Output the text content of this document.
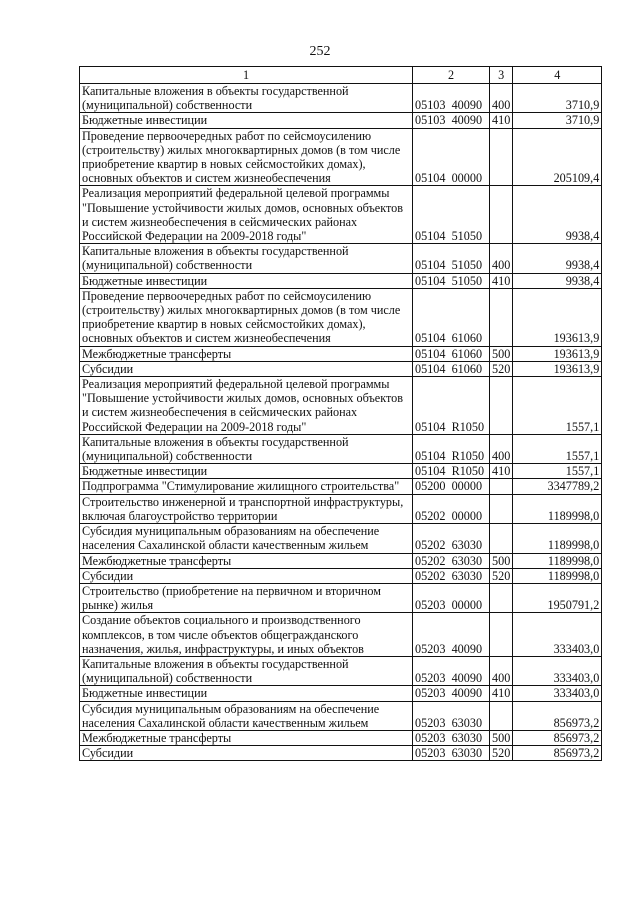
252
1	2	3	4
Капитальные вложения в объекты государственной (муниципальной) собственности	05103  40090	400	3710,9
Бюджетные инвестиции	05103  40090	410	3710,9
Проведение первоочередных работ по сейсмоусилению (строительству) жилых многоквартирных домов (в том числе приобретение квартир в новых сейсмостойких домах), основных объектов и систем жизнеобеспечения	05104  00000		205109,4
Реализация мероприятий федеральной целевой программы "Повышение устойчивости жилых домов, основных объектов и систем жизнеобеспечения в сейсмических районах Российской Федерации на 2009-2018 годы"	05104  51050		9938,4
Капитальные вложения в объекты государственной (муниципальной) собственности	05104  51050	400	9938,4
Бюджетные инвестиции	05104  51050	410	9938,4
Проведение первоочередных работ по сейсмоусилению (строительству) жилых многоквартирных домов (в том числе приобретение квартир в новых сейсмостойких домах), основных объектов и систем жизнеобеспечения	05104  61060		193613,9
Межбюджетные трансферты	05104  61060	500	193613,9
Субсидии	05104  61060	520	193613,9
Реализация мероприятий федеральной целевой программы "Повышение устойчивости жилых домов, основных объектов и систем жизнеобеспечения в сейсмических районах Российской Федерации на 2009-2018 годы"	05104  R1050		1557,1
Капитальные вложения в объекты государственной (муниципальной) собственности	05104  R1050	400	1557,1
Бюджетные инвестиции	05104  R1050	410	1557,1
Подпрограмма "Стимулирование жилищного строительства"	05200  00000		3347789,2
Строительство инженерной и транспортной инфраструктуры, включая благоустройство территории	05202  00000		1189998,0
Субсидия муниципальным образованиям на обеспечение населения Сахалинской области качественным жильем	05202  63030		1189998,0
Межбюджетные трансферты	05202  63030	500	1189998,0
Субсидии	05202  63030	520	1189998,0
Строительство (приобретение на первичном и вторичном рынке) жилья	05203  00000		1950791,2
Создание объектов социального и производственного комплексов, в том числе объектов общегражданского назначения, жилья, инфраструктуры, и иных объектов	05203  40090		333403,0
Капитальные вложения в объекты государственной (муниципальной) собственности	05203  40090	400	333403,0
Бюджетные инвестиции	05203  40090	410	333403,0
Субсидия муниципальным образованиям на обеспечение населения Сахалинской области качественным жильем	05203  63030		856973,2
Межбюджетные трансферты	05203  63030	500	856973,2
Субсидии	05203  63030	520	856973,2
